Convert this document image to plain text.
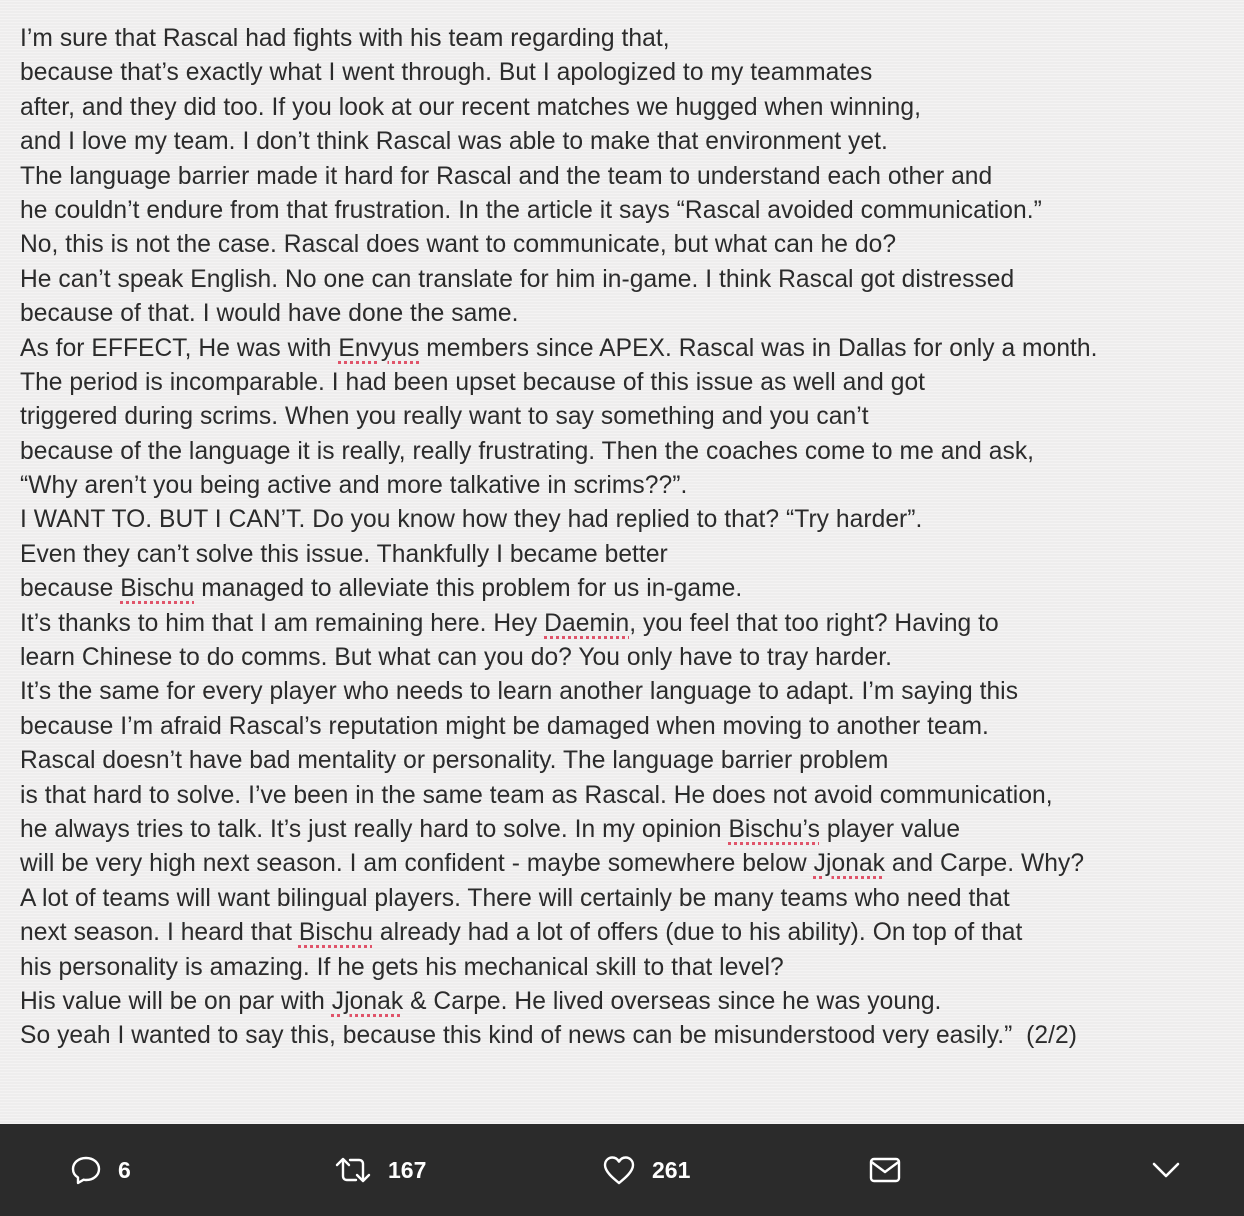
I’m sure that Rascal had fights with his team regarding that,
because that’s exactly what I went through. But I apologized to my teammates
after, and they did too. If you look at our recent matches we hugged when winning,
and I love my team. I don’t think Rascal was able to make that environment yet.
The language barrier made it hard for Rascal and the team to understand each other and
he couldn’t endure from that frustration. In the article it says “Rascal avoided communication.”
No, this is not the case. Rascal does want to communicate, but what can he do?
He can’t speak English. No one can translate for him in-game. I think Rascal got distressed
because of that. I would have done the same.
As for EFFECT, He was with Envyus members since APEX. Rascal was in Dallas for only a month.
The period is incomparable. I had been upset because of this issue as well and got
triggered during scrims. When you really want to say something and you can’t
because of the language it is really, really frustrating. Then the coaches come to me and ask,
“Why aren’t you being active and more talkative in scrims??”.
I WANT TO. BUT I CAN’T. Do you know how they had replied to that? “Try harder”.
Even they can’t solve this issue. Thankfully I became better
because Bischu managed to alleviate this problem for us in-game.
It’s thanks to him that I am remaining here. Hey Daemin, you feel that too right? Having to
learn Chinese to do comms. But what can you do? You only have to tray harder.
It’s the same for every player who needs to learn another language to adapt. I’m saying this
because I’m afraid Rascal’s reputation might be damaged when moving to another team.
Rascal doesn’t have bad mentality or personality. The language barrier problem
is that hard to solve. I’ve been in the same team as Rascal. He does not avoid communication,
he always tries to talk. It’s just really hard to solve. In my opinion Bischu’s player value
will be very high next season. I am confident - maybe somewhere below Jjonak and Carpe. Why?
A lot of teams will want bilingual players. There will certainly be many teams who need that
next season. I heard that Bischu already had a lot of offers (due to his ability). On top of that
his personality is amazing. If he gets his mechanical skill to that level?
His value will be on par with Jjonak & Carpe. He lived overseas since he was young.
So yeah I wanted to say this, because this kind of news can be misunderstood very easily.”  (2/2)
6	167	261
